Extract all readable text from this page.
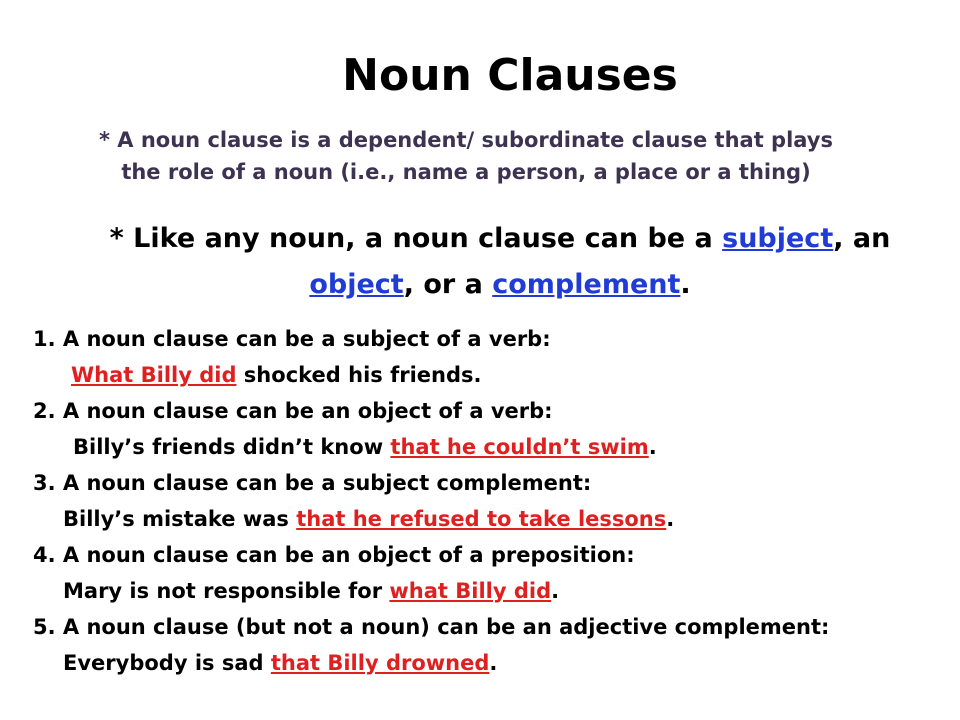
Noun Clauses
* A noun clause is a dependent/ subordinate clause that plays
the role of a noun (i.e., name a person, a place or a thing)
* Like any noun, a noun clause can be a subject, an
object, or a complement.
1. A noun clause can be a subject of a verb:
What Billy did shocked his friends.
2. A noun clause can be an object of a verb:
Billy’s friends didn’t know that he couldn’t swim.
3. A noun clause can be a subject complement:
Billy’s mistake was that he refused to take lessons.
4. A noun clause can be an object of a preposition:
Mary is not responsible for what Billy did.
5. A noun clause (but not a noun) can be an adjective complement:
Everybody is sad that Billy drowned.
